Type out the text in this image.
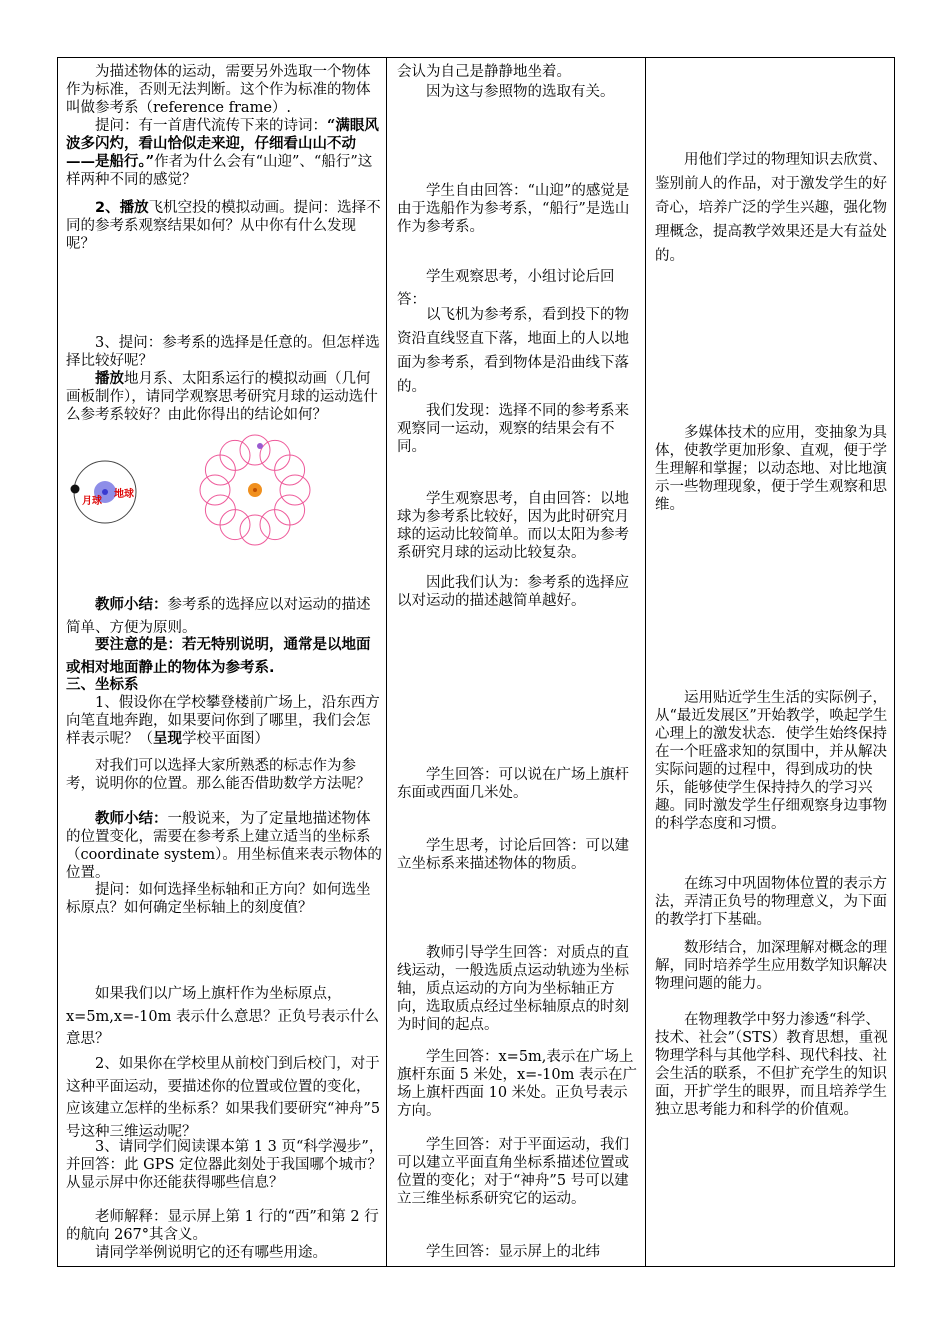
为描述物体的运动，需要另外选取一个物体作为标准，否则无法判断。这个作为标准的物体叫做参考系（reference frame）.

提问：有一首唐代流传下来的诗词：“满眼风波多闪灼，看山恰似走来迎，仔细看山山不动——是船行。”作者为什么会有“山迎”、“船行”这样两种不同的感觉？

2、播放飞机空投的模拟动画。提问：选择不同的参考系观察结果如何？从中你有什么发现呢？

3、提问：参考系的选择是任意的。但怎样选择比较好呢？

播放地月系、太阳系运行的模拟动画（几何画板制作），请同学观察思考研究月球的运动选什么参考系较好？由此你得出的结论如何？

月球
地球

教师小结：参考系的选择应以对运动的描述简单、方便为原则。

要注意的是：若无特别说明，通常是以地面或相对地面静止的物体为参考系.

三、坐标系

1、假设你在学校攀登楼前广场上，沿东西方向笔直地奔跑，如果要问你到了哪里，我们会怎样表示呢？（呈现学校平面图）

对我们可以选择大家所熟悉的标志作为参考，说明你的位置。那么能否借助数学方法呢？

教师小结：一般说来，为了定量地描述物体的位置变化，需要在参考系上建立适当的坐标系（coordinate system）。用坐标值来表示物体的位置。

提问：如何选择坐标轴和正方向？如何选坐标原点？如何确定坐标轴上的刻度值？

如果我们以广场上旗杆作为坐标原点，x=5m,x=-10m 表示什么意思？正负号表示什么意思？

2、如果你在学校里从前校门到后校门，对于这种平面运动，要描述你的位置或位置的变化，应该建立怎样的坐标系？如果我们要研究“神舟”5 号这种三维运动呢？

3、请同学们阅读课本第 1 3 页“科学漫步”，并回答：此 GPS 定位器此刻处于我国哪个城市？从显示屏中你还能获得哪些信息？

老师解释：显示屏上第 1 行的“西”和第 2 行的航向 267°其含义。

请同学举例说明它的还有哪些用途。

会认为自己是静静地坐着。

因为这与参照物的选取有关。

学生自由回答：“山迎”的感觉是由于选船作为参考系，“船行”是选山作为参考系。

学生观察思考，小组讨论后回答：

以飞机为参考系，看到投下的物资沿直线竖直下落，地面上的人以地面为参考系，看到物体是沿曲线下落的。

我们发现：选择不同的参考系来观察同一运动，观察的结果会有不同。

学生观察思考，自由回答：以地球为参考系比较好，因为此时研究月球的运动比较简单。而以太阳为参考系研究月球的运动比较复杂。

因此我们认为：参考系的选择应以对运动的描述越简单越好。

学生回答：可以说在广场上旗杆东面或西面几米处。

学生思考，讨论后回答：可以建立坐标系来描述物体的物质。

教师引导学生回答：对质点的直线运动，一般选质点运动轨迹为坐标轴，质点运动的方向为坐标轴正方向，选取质点经过坐标轴原点的时刻为时间的起点。

学生回答：x=5m,表示在广场上旗杆东面 5 米处，x=-10m 表示在广场上旗杆西面 10 米处。正负号表示方向。

学生回答：对于平面运动，我们可以建立平面直角坐标系描述位置或位置的变化；对于“神舟”5 号可以建立三维坐标系研究它的运动。

学生回答：显示屏上的北纬

用他们学过的物理知识去欣赏、鉴别前人的作品，对于激发学生的好奇心，培养广泛的学生兴趣，强化物理概念，提高教学效果还是大有益处的。

多媒体技术的应用，变抽象为具体，使教学更加形象、直观，便于学生理解和掌握；以动态地、对比地演示一些物理现象，便于学生观察和思维。

运用贴近学生生活的实际例子，从“最近发展区”开始教学，唤起学生心理上的激发状态．使学生始终保持在一个旺盛求知的氛围中，并从解决实际问题的过程中，得到成功的快乐，能够使学生保持持久的学习兴趣。同时激发学生仔细观察身边事物的科学态度和习惯。

在练习中巩固物体位置的表示方法，弄清正负号的物理意义，为下面的教学打下基础。

数形结合，加深理解对概念的理解，同时培养学生应用数学知识解决物理问题的能力。

在物理教学中努力渗透“科学、技术、社会”（STS）教育思想，重视物理学科与其他学科、现代科技、社会生活的联系，不但扩充学生的知识面，开扩学生的眼界，而且培养学生独立思考能力和科学的价值观。
